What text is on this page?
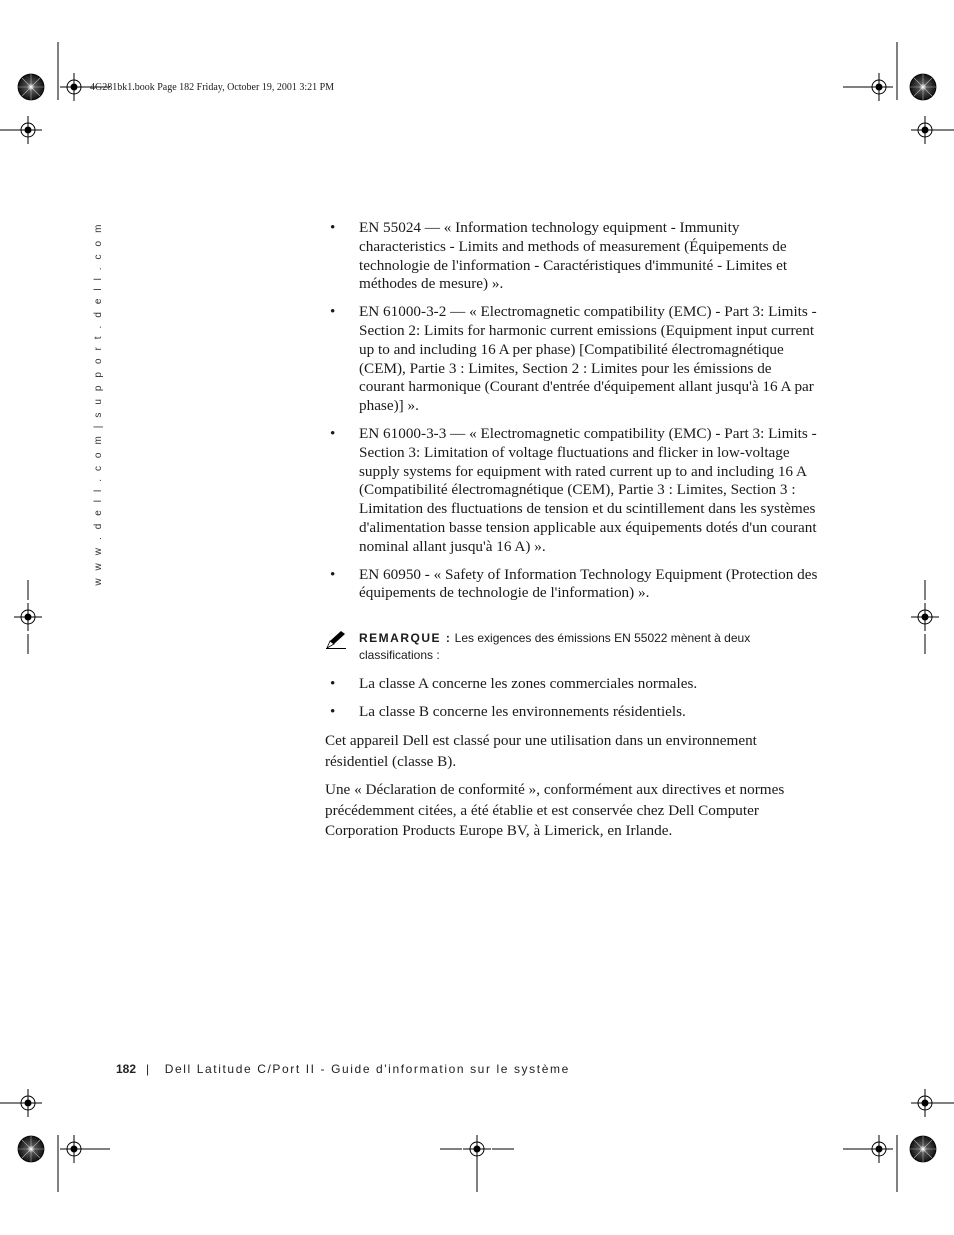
4G281bk1.book Page 182 Friday, October 19, 2001 3:21 PM
w w w . d e l l . c o m | s u p p o r t . d e l l . c o m	• EN 55024 — « Information technology equipment - Immunity characteristics - Limits and methods of measurement (Équipements de technologie de l'information - Caractéristiques d'immunité - Limites et méthodes de mesure) ».
• EN 61000-3-2 — « Electromagnetic compatibility (EMC) - Part 3: Limits - Section 2: Limits for harmonic current emissions (Equipment input current up to and including 16 A per phase) [Compatibilité électromagnétique (CEM), Partie 3 : Limites, Section 2 : Limites pour les émissions de courant harmonique (Courant d'entrée d'équipement allant jusqu'à 16 A par phase)] ».
• EN 61000-3-3 — « Electromagnetic compatibility (EMC) - Part 3: Limits - Section 3: Limitation of voltage fluctuations and flicker in low-voltage supply systems for equipment with rated current up to and including 16 A (Compatibilité électromagnétique (CEM), Partie 3 : Limites, Section 3 : Limitation des fluctuations de tension et du scintillement dans les systèmes d'alimentation basse tension applicable aux équipements dotés d'un courant nominal allant jusqu'à 16 A) ».
• EN 60950 - « Safety of Information Technology Equipment (Protection des équipements de technologie de l'information) ».
REMARQUE : Les exigences des émissions EN 55022 mènent à deux classifications :
• La classe A concerne les zones commerciales normales.
• La classe B concerne les environnements résidentiels.

Cet appareil Dell est classé pour une utilisation dans un environnement résidentiel (classe B).

Une « Déclaration de conformité », conformément aux directives et normes précédemment citées, a été établie et est conservée chez Dell Computer Corporation Products Europe BV, à Limerick, en Irlande.

182 | Dell Latitude C/Port II - Guide d'information sur le système
